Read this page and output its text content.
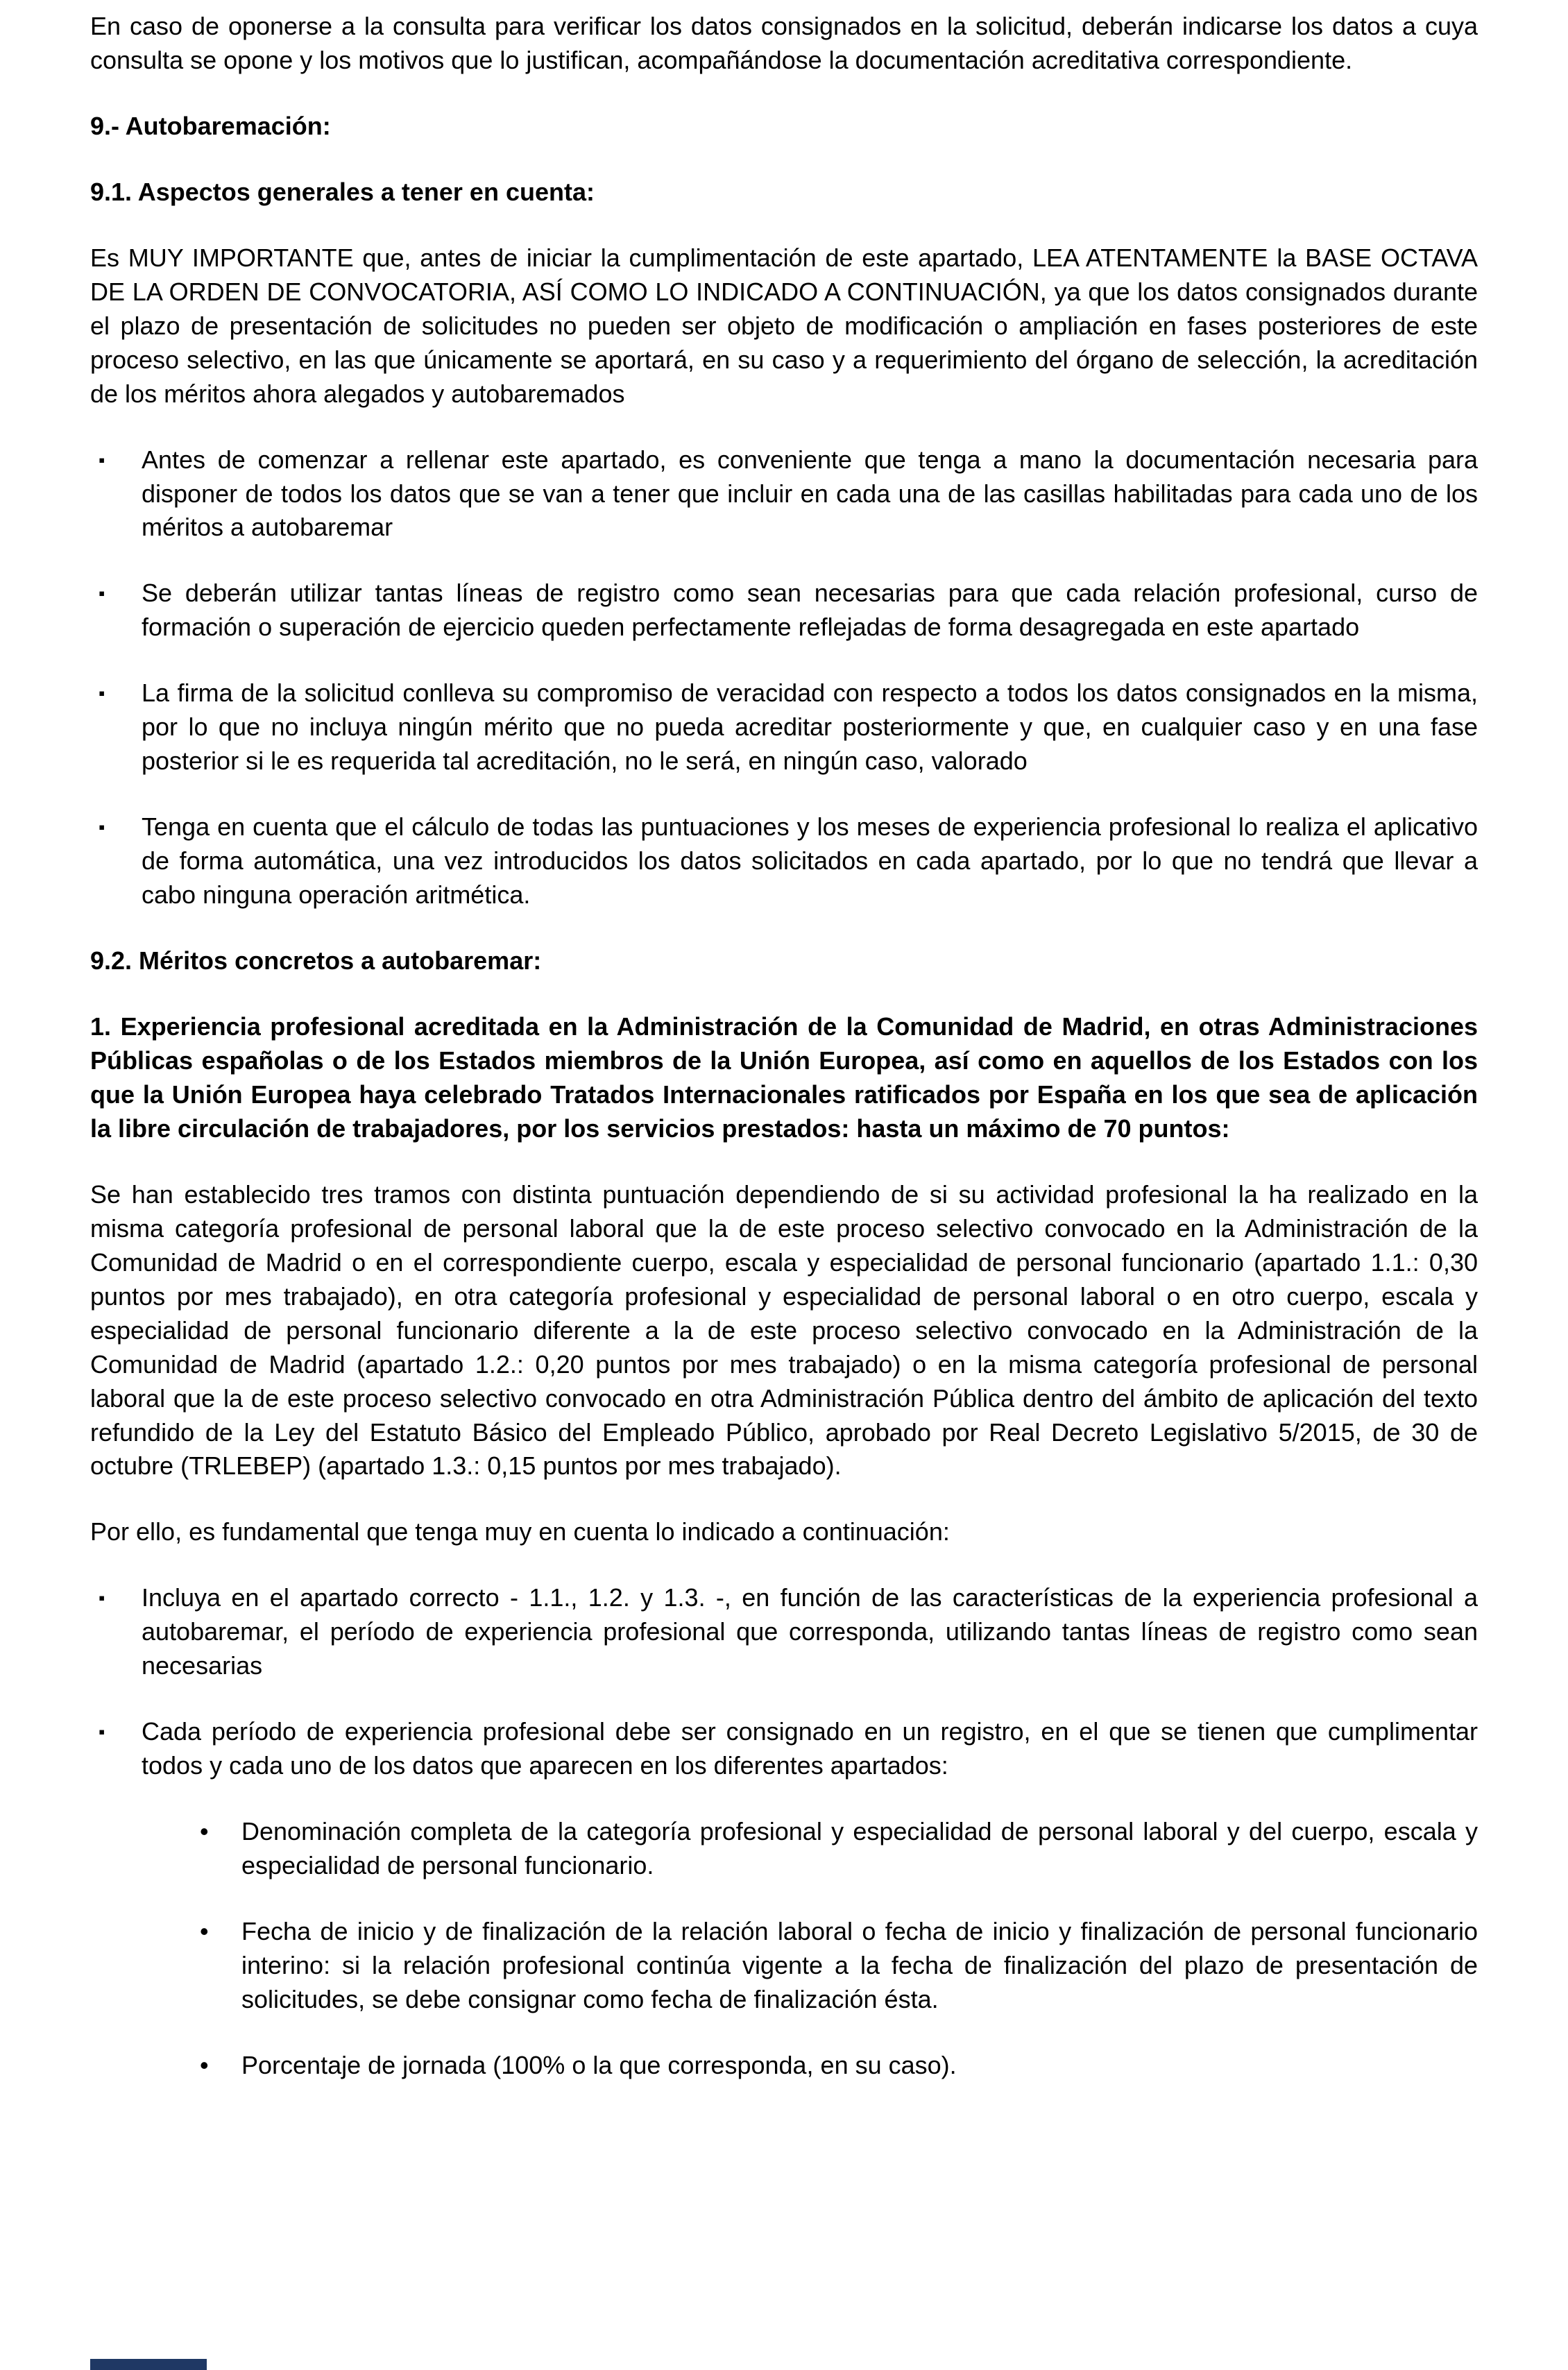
En caso de oponerse a la consulta para verificar los datos consignados en la solicitud, deberán indicarse los datos a cuya consulta se opone y los motivos que lo justifican, acompañándose la documentación acreditativa correspondiente.

9.- Autobaremación:

9.1. Aspectos generales a tener en cuenta:

Es MUY IMPORTANTE que, antes de iniciar la cumplimentación de este apartado, LEA ATENTAMENTE la BASE OCTAVA DE LA ORDEN DE CONVOCATORIA, ASÍ COMO LO INDICADO A CONTINUACIÓN, ya que los datos consignados durante el plazo de presentación de solicitudes no pueden ser objeto de modificación o ampliación en fases posteriores de este proceso selectivo, en las que únicamente se aportará, en su caso y a requerimiento del órgano de selección, la acreditación de los méritos ahora alegados y autobaremados

▪	Antes de comenzar a rellenar este apartado, es conveniente que tenga a mano la documentación necesaria para disponer de todos los datos que se van a tener que incluir en cada una de las casillas habilitadas para cada uno de los méritos a autobaremar
▪	Se deberán utilizar tantas líneas de registro como sean necesarias para que cada relación profesional, curso de formación o superación de ejercicio queden perfectamente reflejadas de forma desagregada en este apartado
▪	La firma de la solicitud conlleva su compromiso de veracidad con respecto a todos los datos consignados en la misma, por lo que no incluya ningún mérito que no pueda acreditar posteriormente y que, en cualquier caso y en una fase posterior si le es requerida tal acreditación, no le será, en ningún caso, valorado
▪	Tenga en cuenta que el cálculo de todas las puntuaciones y los meses de experiencia profesional lo realiza el aplicativo de forma automática, una vez introducidos los datos solicitados en cada apartado, por lo que no tendrá que llevar a cabo ninguna operación aritmética.

9.2. Méritos concretos a autobaremar:

1. Experiencia profesional acreditada en la Administración de la Comunidad de Madrid, en otras Administraciones Públicas españolas o de los Estados miembros de la Unión Europea, así como en aquellos de los Estados con los que la Unión Europea haya celebrado Tratados Internacionales ratificados por España en los que sea de aplicación la libre circulación de trabajadores, por los servicios prestados: hasta un máximo de 70 puntos:

Se han establecido tres tramos con distinta puntuación dependiendo de si su actividad profesional la ha realizado en la misma categoría profesional de personal laboral que la de este proceso selectivo convocado en la Administración de la Comunidad de Madrid o en el correspondiente cuerpo, escala y especialidad de personal funcionario (apartado 1.1.: 0,30 puntos por mes trabajado), en otra categoría profesional y especialidad de personal laboral o en otro cuerpo, escala y especialidad de personal funcionario diferente a la de este proceso selectivo convocado en la Administración de la Comunidad de Madrid (apartado 1.2.: 0,20 puntos por mes trabajado) o en la misma categoría profesional de personal laboral que la de este proceso selectivo convocado en otra Administración Pública dentro del ámbito de aplicación del texto refundido de la Ley del Estatuto Básico del Empleado Público, aprobado por Real Decreto Legislativo 5/2015, de 30 de octubre (TRLEBEP) (apartado 1.3.: 0,15 puntos por mes trabajado).

Por ello, es fundamental que tenga muy en cuenta lo indicado a continuación:

▪	Incluya en el apartado correcto - 1.1., 1.2. y 1.3. -, en función de las características de la experiencia profesional a autobaremar, el período de experiencia profesional que corresponda, utilizando tantas líneas de registro como sean necesarias
▪	Cada período de experiencia profesional debe ser consignado en un registro, en el que se tienen que cumplimentar todos y cada uno de los datos que aparecen en los diferentes apartados:
•	Denominación completa de la categoría profesional y especialidad de personal laboral y del cuerpo, escala y especialidad de personal funcionario.
•	Fecha de inicio y de finalización de la relación laboral o fecha de inicio y finalización de personal funcionario interino: si la relación profesional continúa vigente a la fecha de finalización del plazo de presentación de solicitudes, se debe consignar como fecha de finalización ésta.
•	Porcentaje de jornada (100% o la que corresponda, en su caso).
